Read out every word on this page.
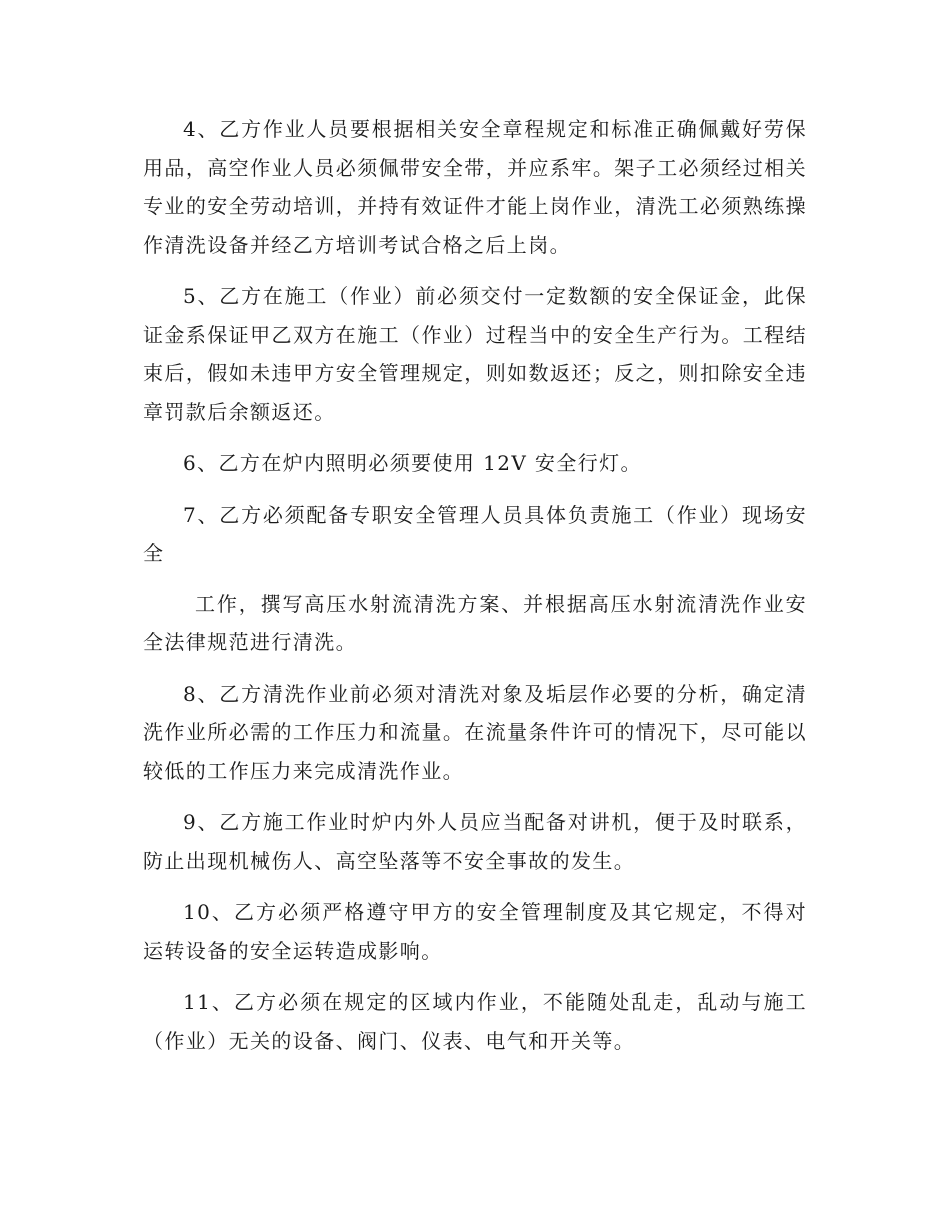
4、乙方作业人员要根据相关安全章程规定和标准正确佩戴好劳保用品，高空作业人员必须佩带安全带，并应系牢。架子工必须经过相关专业的安全劳动培训，并持有效证件才能上岗作业，清洗工必须熟练操作清洗设备并经乙方培训考试合格之后上岗。

5、乙方在施工（作业）前必须交付一定数额的安全保证金，此保证金系保证甲乙双方在施工（作业）过程当中的安全生产行为。工程结束后，假如未违甲方安全管理规定，则如数返还；反之，则扣除安全违章罚款后余额返还。

6、乙方在炉内照明必须要使用 12V 安全行灯。

7、乙方必须配备专职安全管理人员具体负责施工（作业）现场安全

工作，撰写高压水射流清洗方案、并根据高压水射流清洗作业安全法律规范进行清洗。

8、乙方清洗作业前必须对清洗对象及垢层作必要的分析，确定清洗作业所必需的工作压力和流量。在流量条件许可的情况下，尽可能以较低的工作压力来完成清洗作业。

9、乙方施工作业时炉内外人员应当配备对讲机，便于及时联系，防止出现机械伤人、高空坠落等不安全事故的发生。

10、乙方必须严格遵守甲方的安全管理制度及其它规定，不得对运转设备的安全运转造成影响。

11、乙方必须在规定的区域内作业，不能随处乱走，乱动与施工（作业）无关的设备、阀门、仪表、电气和开关等。
